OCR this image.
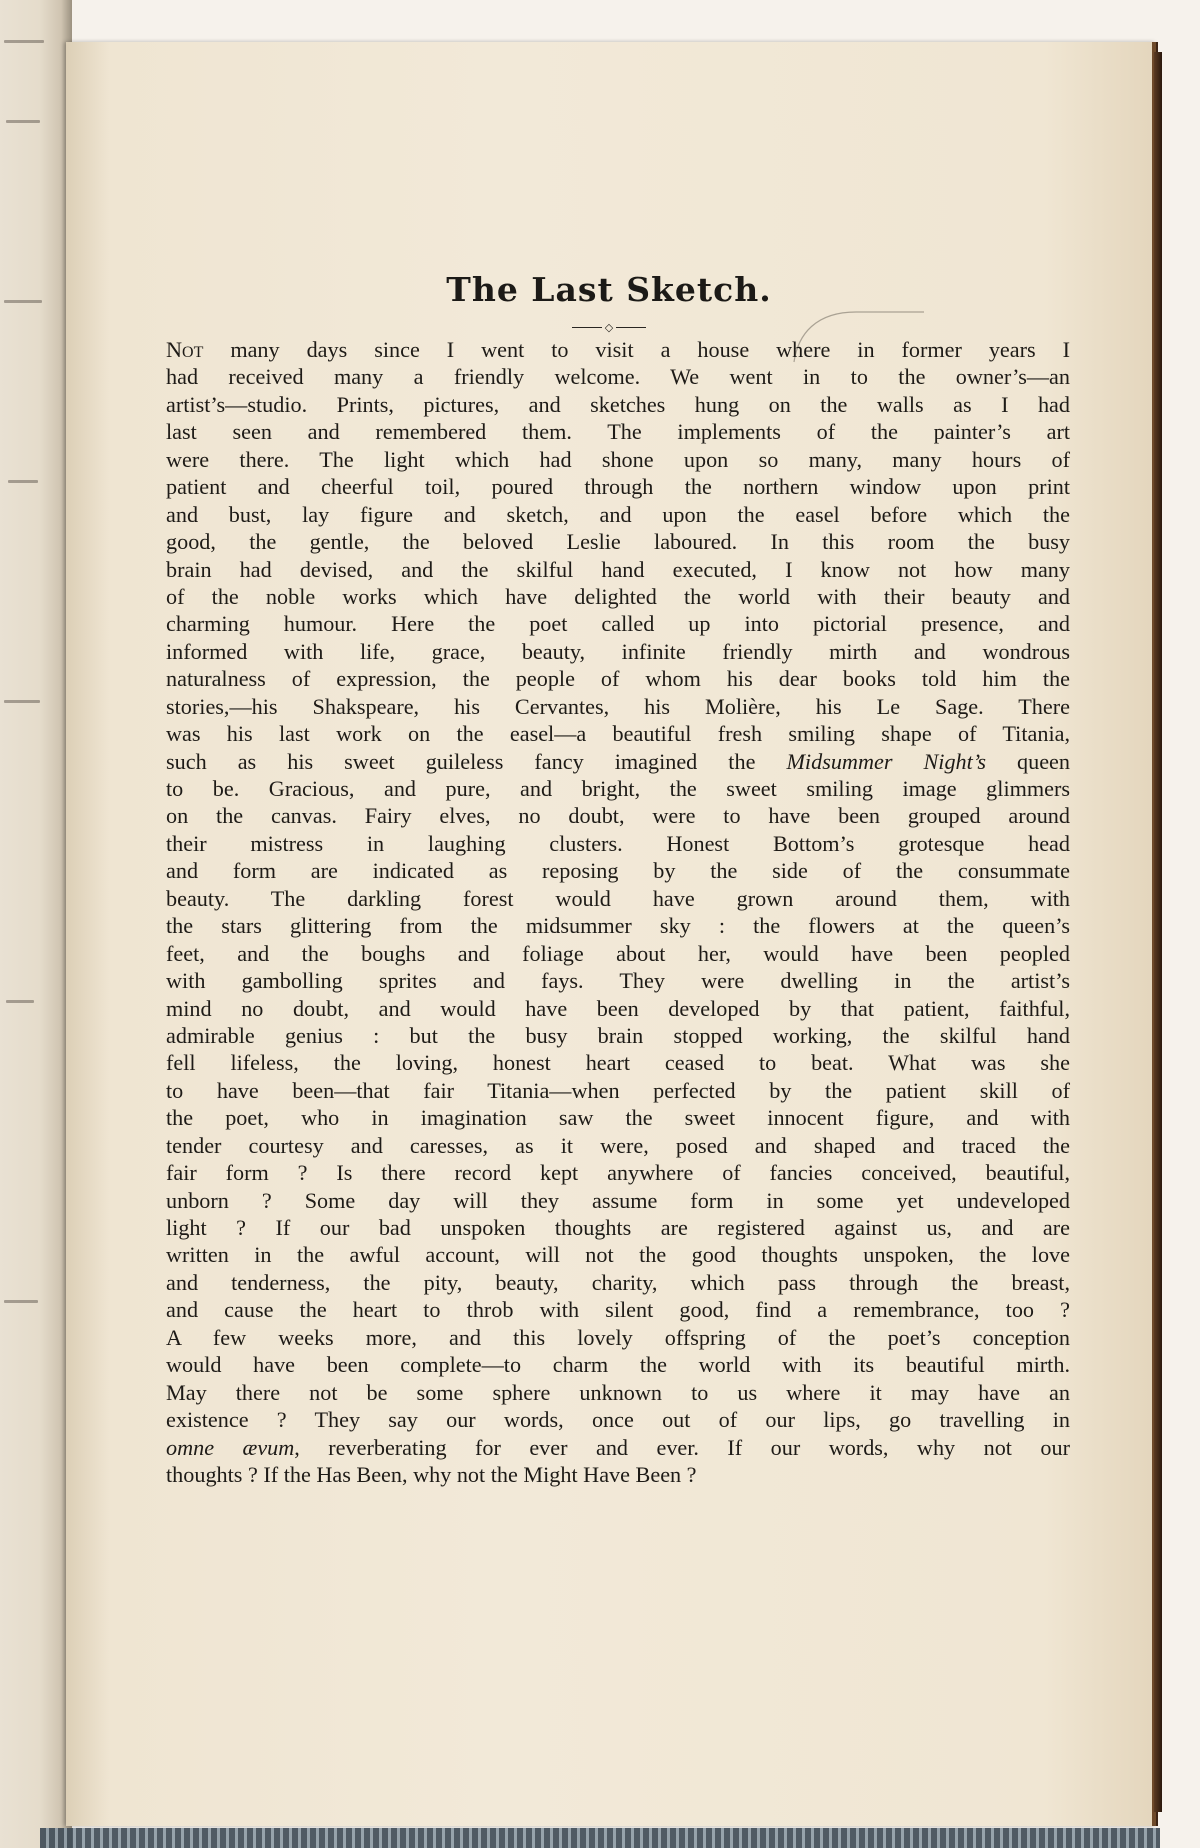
The Last Sketch.
◇
Not many days since I went to visit a house where in former years I
had received many a friendly welcome. We went in to the owner’s—an
artist’s—studio. Prints, pictures, and sketches hung on the walls as I had
last seen and remembered them. The implements of the painter’s art
were there. The light which had shone upon so many, many hours of
patient and cheerful toil, poured through the northern window upon print
and bust, lay figure and sketch, and upon the easel before which the
good, the gentle, the beloved Leslie laboured. In this room the busy
brain had devised, and the skilful hand executed, I know not how many
of the noble works which have delighted the world with their beauty and
charming humour. Here the poet called up into pictorial presence, and
informed with life, grace, beauty, infinite friendly mirth and wondrous
naturalness of expression, the people of whom his dear books told him the
stories,—his Shakspeare, his Cervantes, his Molière, his Le Sage. There
was his last work on the easel—a beautiful fresh smiling shape of Titania,
such as his sweet guileless fancy imagined the Midsummer Night’s queen
to be. Gracious, and pure, and bright, the sweet smiling image glimmers
on the canvas. Fairy elves, no doubt, were to have been grouped around
their mistress in laughing clusters. Honest Bottom’s grotesque head
and form are indicated as reposing by the side of the consummate
beauty. The darkling forest would have grown around them, with
the stars glittering from the midsummer sky : the flowers at the queen’s
feet, and the boughs and foliage about her, would have been peopled
with gambolling sprites and fays. They were dwelling in the artist’s
mind no doubt, and would have been developed by that patient, faithful,
admirable genius : but the busy brain stopped working, the skilful hand
fell lifeless, the loving, honest heart ceased to beat. What was she
to have been—that fair Titania—when perfected by the patient skill of
the poet, who in imagination saw the sweet innocent figure, and with
tender courtesy and caresses, as it were, posed and shaped and traced the
fair form ? Is there record kept anywhere of fancies conceived, beautiful,
unborn ? Some day will they assume form in some yet undeveloped
light ? If our bad unspoken thoughts are registered against us, and are
written in the awful account, will not the good thoughts unspoken, the love
and tenderness, the pity, beauty, charity, which pass through the breast,
and cause the heart to throb with silent good, find a remembrance, too ?
A few weeks more, and this lovely offspring of the poet’s conception
would have been complete—to charm the world with its beautiful mirth.
May there not be some sphere unknown to us where it may have an
existence ? They say our words, once out of our lips, go travelling in
omne ævum, reverberating for ever and ever. If our words, why not our
thoughts ? If the Has Been, why not the Might Have Been ?
